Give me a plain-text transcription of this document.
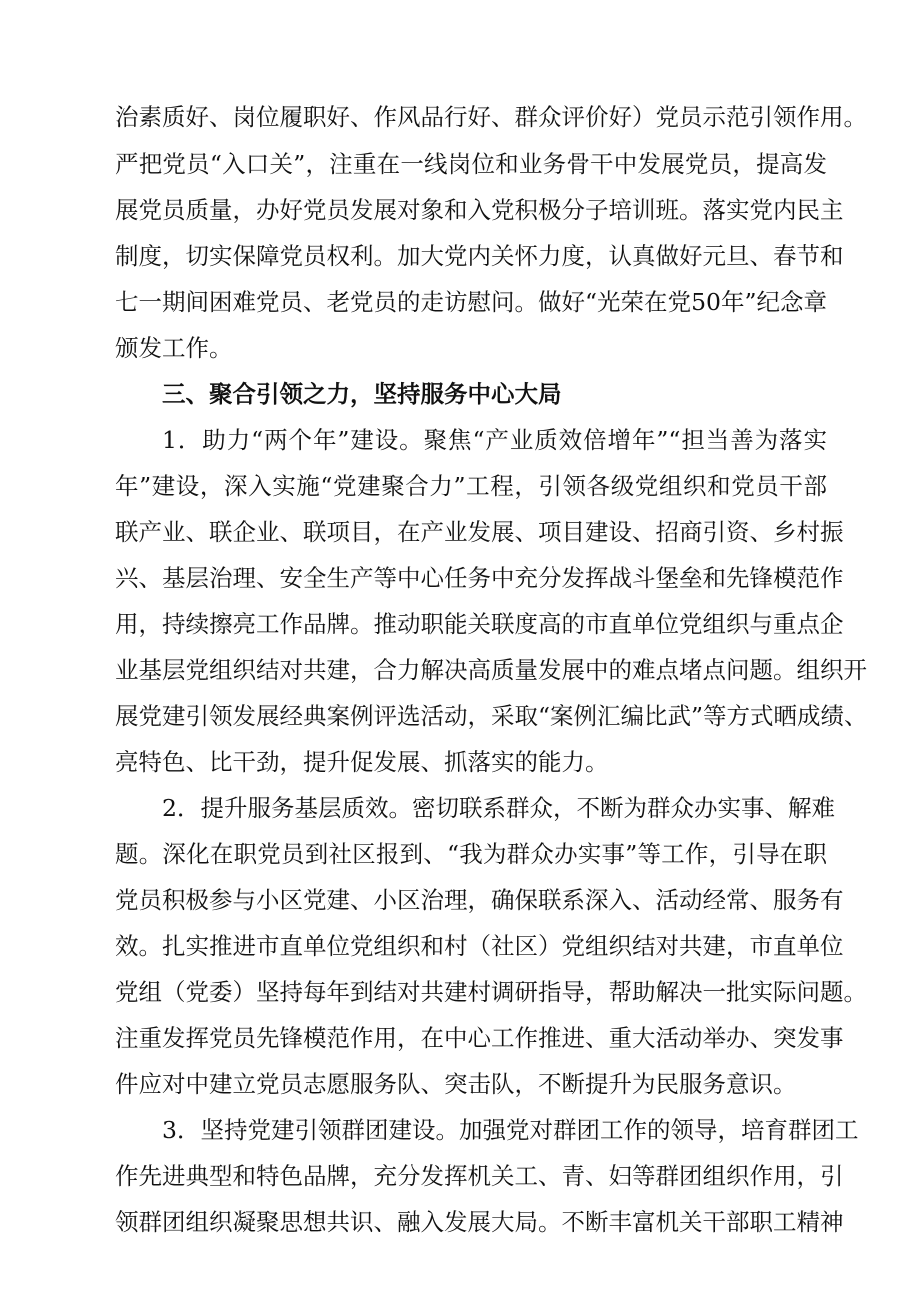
治素质好、岗位履职好、作风品行好、群众评价好）党员示范引领作用。
严把党员“入口关”，注重在一线岗位和业务骨干中发展党员，提高发
展党员质量，办好党员发展对象和入党积极分子培训班。落实党内民主
制度，切实保障党员权利。加大党内关怀力度，认真做好元旦、春节和
七一期间困难党员、老党员的走访慰问。做好“光荣在党50年”纪念章
颁发工作。
三、聚合引领之力，坚持服务中心大局
1．助力“两个年”建设。聚焦“产业质效倍增年”“担当善为落实
年”建设，深入实施“党建聚合力”工程，引领各级党组织和党员干部
联产业、联企业、联项目，在产业发展、项目建设、招商引资、乡村振
兴、基层治理、安全生产等中心任务中充分发挥战斗堡垒和先锋模范作
用，持续擦亮工作品牌。推动职能关联度高的市直单位党组织与重点企
业基层党组织结对共建，合力解决高质量发展中的难点堵点问题。组织开
展党建引领发展经典案例评选活动，采取“案例汇编比武”等方式晒成绩、
亮特色、比干劲，提升促发展、抓落实的能力。
2．提升服务基层质效。密切联系群众，不断为群众办实事、解难
题。深化在职党员到社区报到、“我为群众办实事”等工作，引导在职
党员积极参与小区党建、小区治理，确保联系深入、活动经常、服务有
效。扎实推进市直单位党组织和村（社区）党组织结对共建，市直单位
党组（党委）坚持每年到结对共建村调研指导，帮助解决一批实际问题。
注重发挥党员先锋模范作用，在中心工作推进、重大活动举办、突发事
件应对中建立党员志愿服务队、突击队，不断提升为民服务意识。
3．坚持党建引领群团建设。加强党对群团工作的领导，培育群团工
作先进典型和特色品牌，充分发挥机关工、青、妇等群团组织作用，引
领群团组织凝聚思想共识、融入发展大局。不断丰富机关干部职工精神
